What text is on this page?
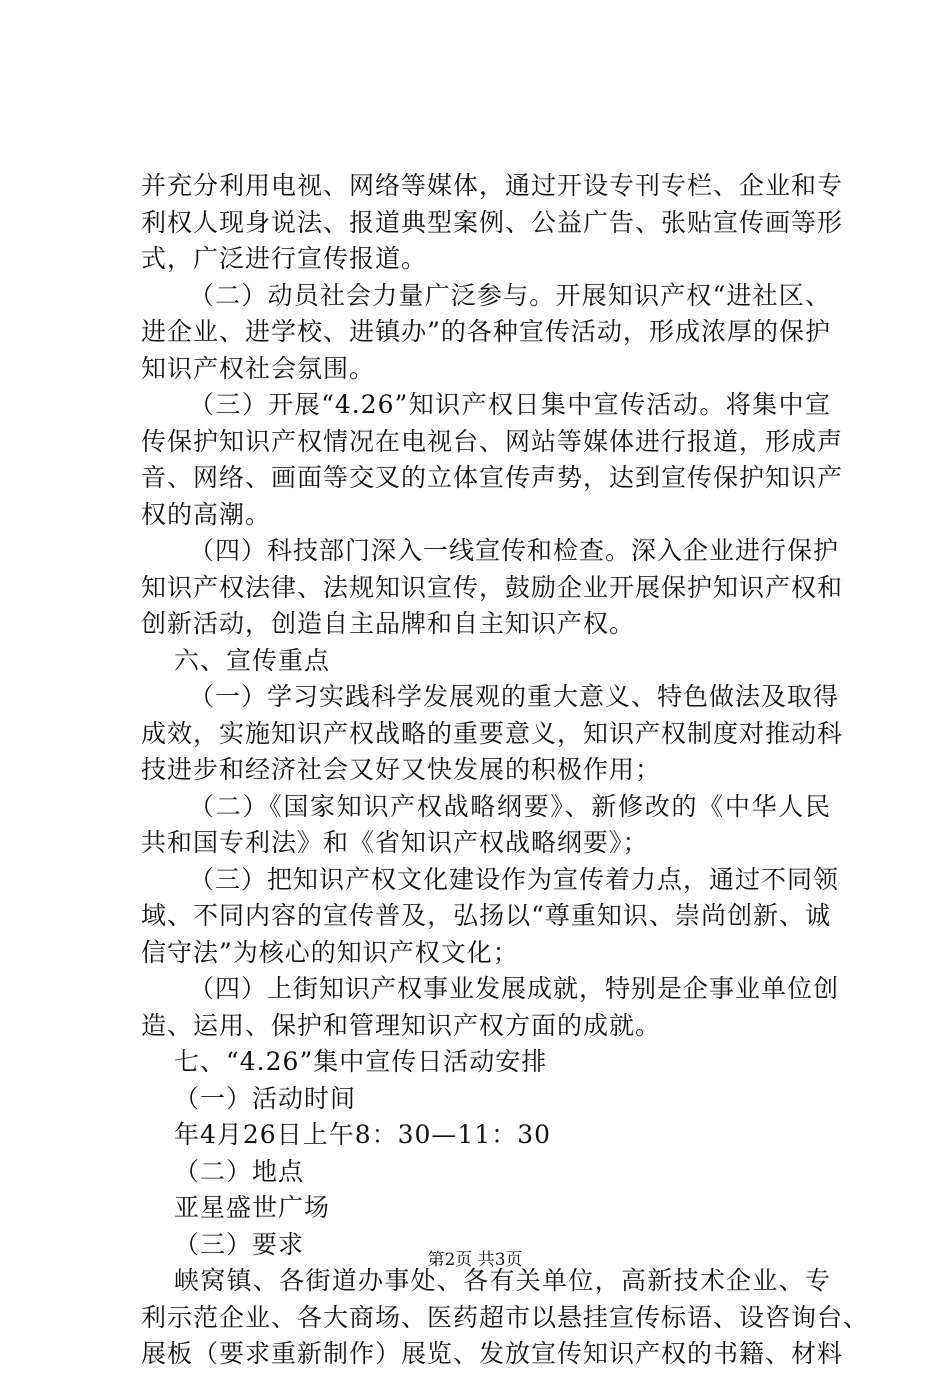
并充分利用电视、网络等媒体，通过开设专刊专栏、企业和专
利权人现身说法、报道典型案例、公益广告、张贴宣传画等形
式，广泛进行宣传报道。
（二）动员社会力量广泛参与。开展知识产权“进社区、
进企业、进学校、进镇办”的各种宣传活动，形成浓厚的保护
知识产权社会氛围。
（三）开展“4.26”知识产权日集中宣传活动。将集中宣
传保护知识产权情况在电视台、网站等媒体进行报道，形成声
音、网络、画面等交叉的立体宣传声势，达到宣传保护知识产
权的高潮。
（四）科技部门深入一线宣传和检查。深入企业进行保护
知识产权法律、法规知识宣传，鼓励企业开展保护知识产权和
创新活动，创造自主品牌和自主知识产权。
六、宣传重点
（一）学习实践科学发展观的重大意义、特色做法及取得
成效，实施知识产权战略的重要意义，知识产权制度对推动科
技进步和经济社会又好又快发展的积极作用；
（二）《国家知识产权战略纲要》、新修改的《中华人民
共和国专利法》和《省知识产权战略纲要》；
（三）把知识产权文化建设作为宣传着力点，通过不同领
域、不同内容的宣传普及，弘扬以“尊重知识、崇尚创新、诚
信守法”为核心的知识产权文化；
（四）上街知识产权事业发展成就，特别是企事业单位创
造、运用、保护和管理知识产权方面的成就。
七、“4.26”集中宣传日活动安排
（一）活动时间
年4月26日上午8：30—11：30
（二）地点
亚星盛世广场
（三）要求
峡窝镇、各街道办事处、各有关单位，高新技术企业、专
利示范企业、各大商场、医药超市以悬挂宣传标语、设咨询台、
展板（要求重新制作）展览、发放宣传知识产权的书籍、材料
第2页 共3页
